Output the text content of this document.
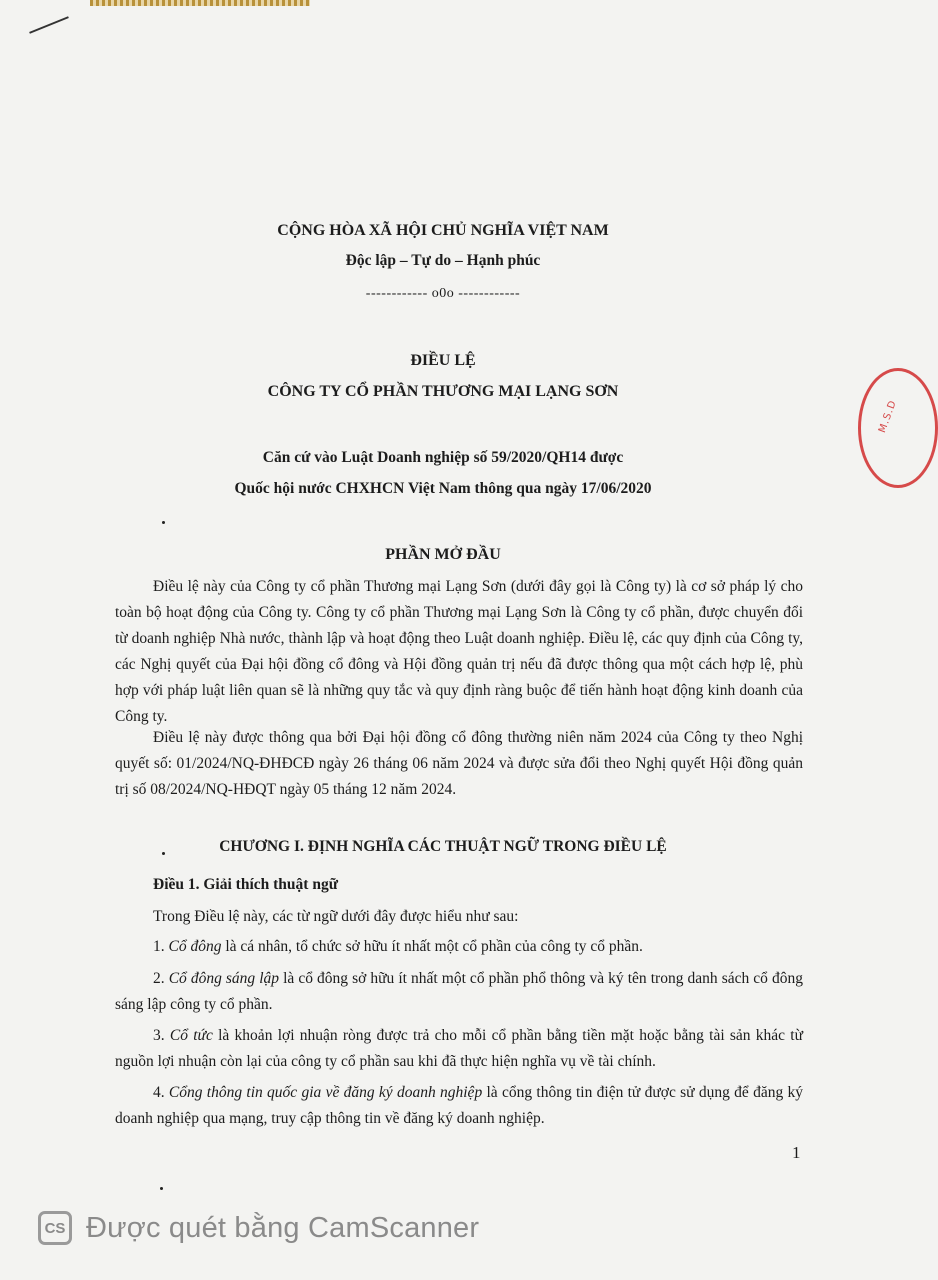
M.S.D

CỘNG HÒA XÃ HỘI CHỦ NGHĨA VIỆT NAM

Độc lập – Tự do – Hạnh phúc

------------ o0o ------------

ĐIỀU LỆ

CÔNG TY CỔ PHẦN THƯƠNG MẠI LẠNG SƠN

Căn cứ vào Luật Doanh nghiệp số 59/2020/QH14 được

Quốc hội nước CHXHCN Việt Nam thông qua ngày 17/06/2020

PHẦN MỞ ĐẦU

Điều lệ này của Công ty cổ phần Thương mại Lạng Sơn (dưới đây gọi là Công ty) là cơ sở pháp lý cho toàn bộ hoạt động của Công ty. Công ty cổ phần Thương mại Lạng Sơn là Công ty cổ phần, được chuyển đổi từ doanh nghiệp Nhà nước, thành lập và hoạt động theo Luật doanh nghiệp. Điều lệ, các quy định của Công ty, các Nghị quyết của Đại hội đồng cổ đông và Hội đồng quản trị nếu đã được thông qua một cách hợp lệ, phù hợp với pháp luật liên quan sẽ là những quy tắc và quy định ràng buộc để tiến hành hoạt động kinh doanh của Công ty.

Điều lệ này được thông qua bởi Đại hội đồng cổ đông thường niên năm 2024 của Công ty theo Nghị quyết số: 01/2024/NQ-ĐHĐCĐ ngày 26 tháng 06 năm 2024 và được sửa đổi theo Nghị quyết Hội đồng quản trị số 08/2024/NQ-HĐQT ngày 05 tháng 12 năm 2024.

CHƯƠNG I. ĐỊNH NGHĨA CÁC THUẬT NGỮ TRONG ĐIỀU LỆ

Điều 1. Giải thích thuật ngữ

Trong Điều lệ này, các từ ngữ dưới đây được hiểu như sau:

1. Cổ đông là cá nhân, tổ chức sở hữu ít nhất một cổ phần của công ty cổ phần.

2. Cổ đông sáng lập là cổ đông sở hữu ít nhất một cổ phần phổ thông và ký tên trong danh sách cổ đông sáng lập công ty cổ phần.

3. Cổ tức là khoản lợi nhuận ròng được trả cho mỗi cổ phần bằng tiền mặt hoặc bằng tài sản khác từ nguồn lợi nhuận còn lại của công ty cổ phần sau khi đã thực hiện nghĩa vụ về tài chính.

4. Cổng thông tin quốc gia về đăng ký doanh nghiệp là cổng thông tin điện tử được sử dụng để đăng ký doanh nghiệp qua mạng, truy cập thông tin về đăng ký doanh nghiệp.

1

CS Được quét bằng CamScanner
